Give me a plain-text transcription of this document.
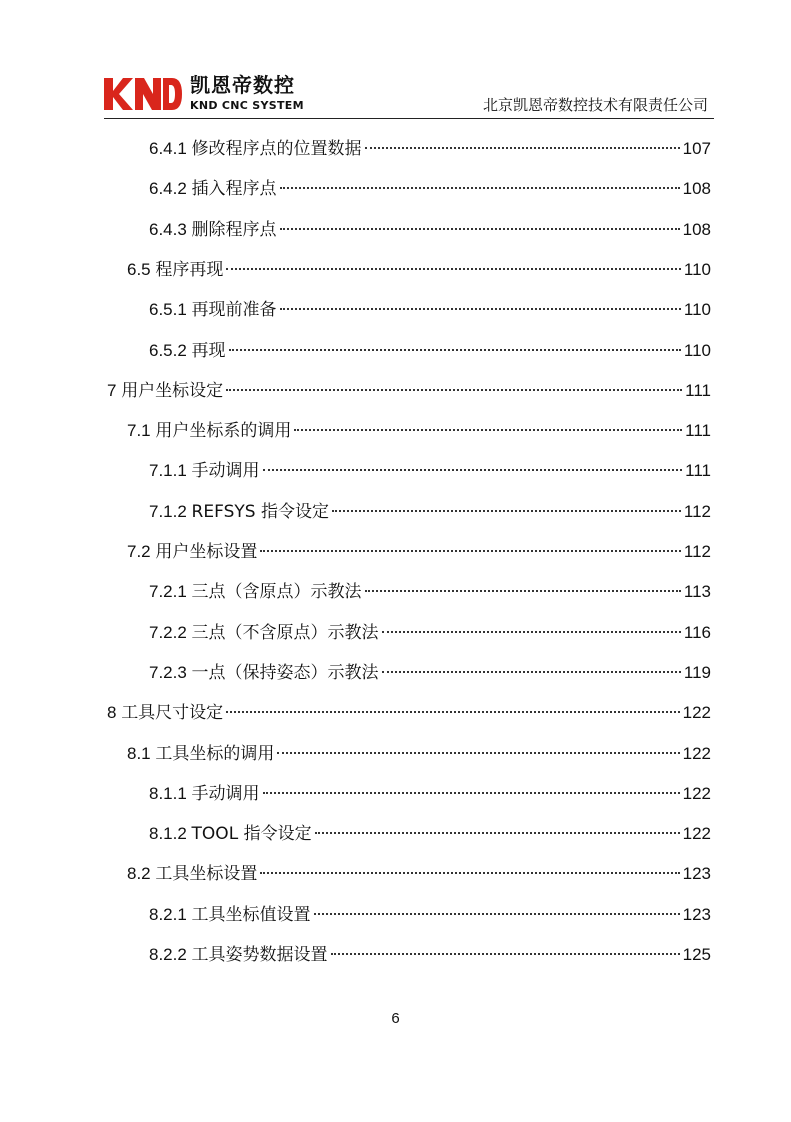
KND
凯恩帝数控
KND CNC SYSTEM	北京凯恩帝数控技术有限责任公司
6.4.1 修改程序点的位置数据	107
6.4.2 插入程序点	108
6.4.3 删除程序点	108
6.5 程序再现	110
6.5.1 再现前准备	110
6.5.2 再现	110
7 用户坐标设定	111
7.1 用户坐标系的调用	111
7.1.1 手动调用	111
7.1.2 REFSYS 指令设定	112
7.2 用户坐标设置	112
7.2.1 三点（含原点）示教法	113
7.2.2 三点（不含原点）示教法	116
7.2.3 一点（保持姿态）示教法	119
8 工具尺寸设定	122
8.1 工具坐标的调用	122
8.1.1 手动调用	122
8.1.2 TOOL 指令设定	122
8.2 工具坐标设置	123
8.2.1 工具坐标值设置	123
8.2.2 工具姿势数据设置	125
6
